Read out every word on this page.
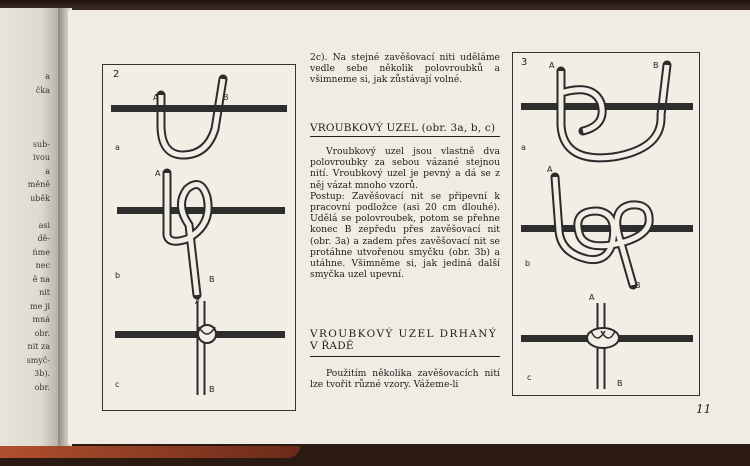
a
čka
sub-
ivou
a
měně
uběk
asi
dě-
ńme
nec
ě na
nit
me ji
mná
obr.
nit za
smyč-
3b).
obr.
2
a
b
c
A	B
A
B
A
B

2c). Na stejné zavěšovací niti uděláme vedle sebe několik polovroubků a všimneme si, jak zůstávají volné.

VROUBKOVÝ UZEL (obr. 3a, b, c)

Vroubkový uzel jsou vlastně dva polovroubky za sebou vázané stejnou nití. Vroubkový uzel je pevný a dá se z něj vázat mnoho vzorů.

Postup: Zavěšovací nit se připevní k pracovní podložce (asi 20 cm dlouhé). Udělá se polovroubek, potom se přehne konec B zepředu přes zavěšovací nit (obr. 3a) a zadem přes zavěšovací nit se protáhne utvořenou smyčku (obr. 3b) a utáhne. Všimněme si, jak jediná další smyčka uzel upevní.

VROUBKOVÝ UZEL DRHANÝ
V ŘADĚ

Použitím několika zavěšovacích nití lze tvořit různé vzory. Vážeme-li

3
a
b
c
A	B
A
B
A
B
11
